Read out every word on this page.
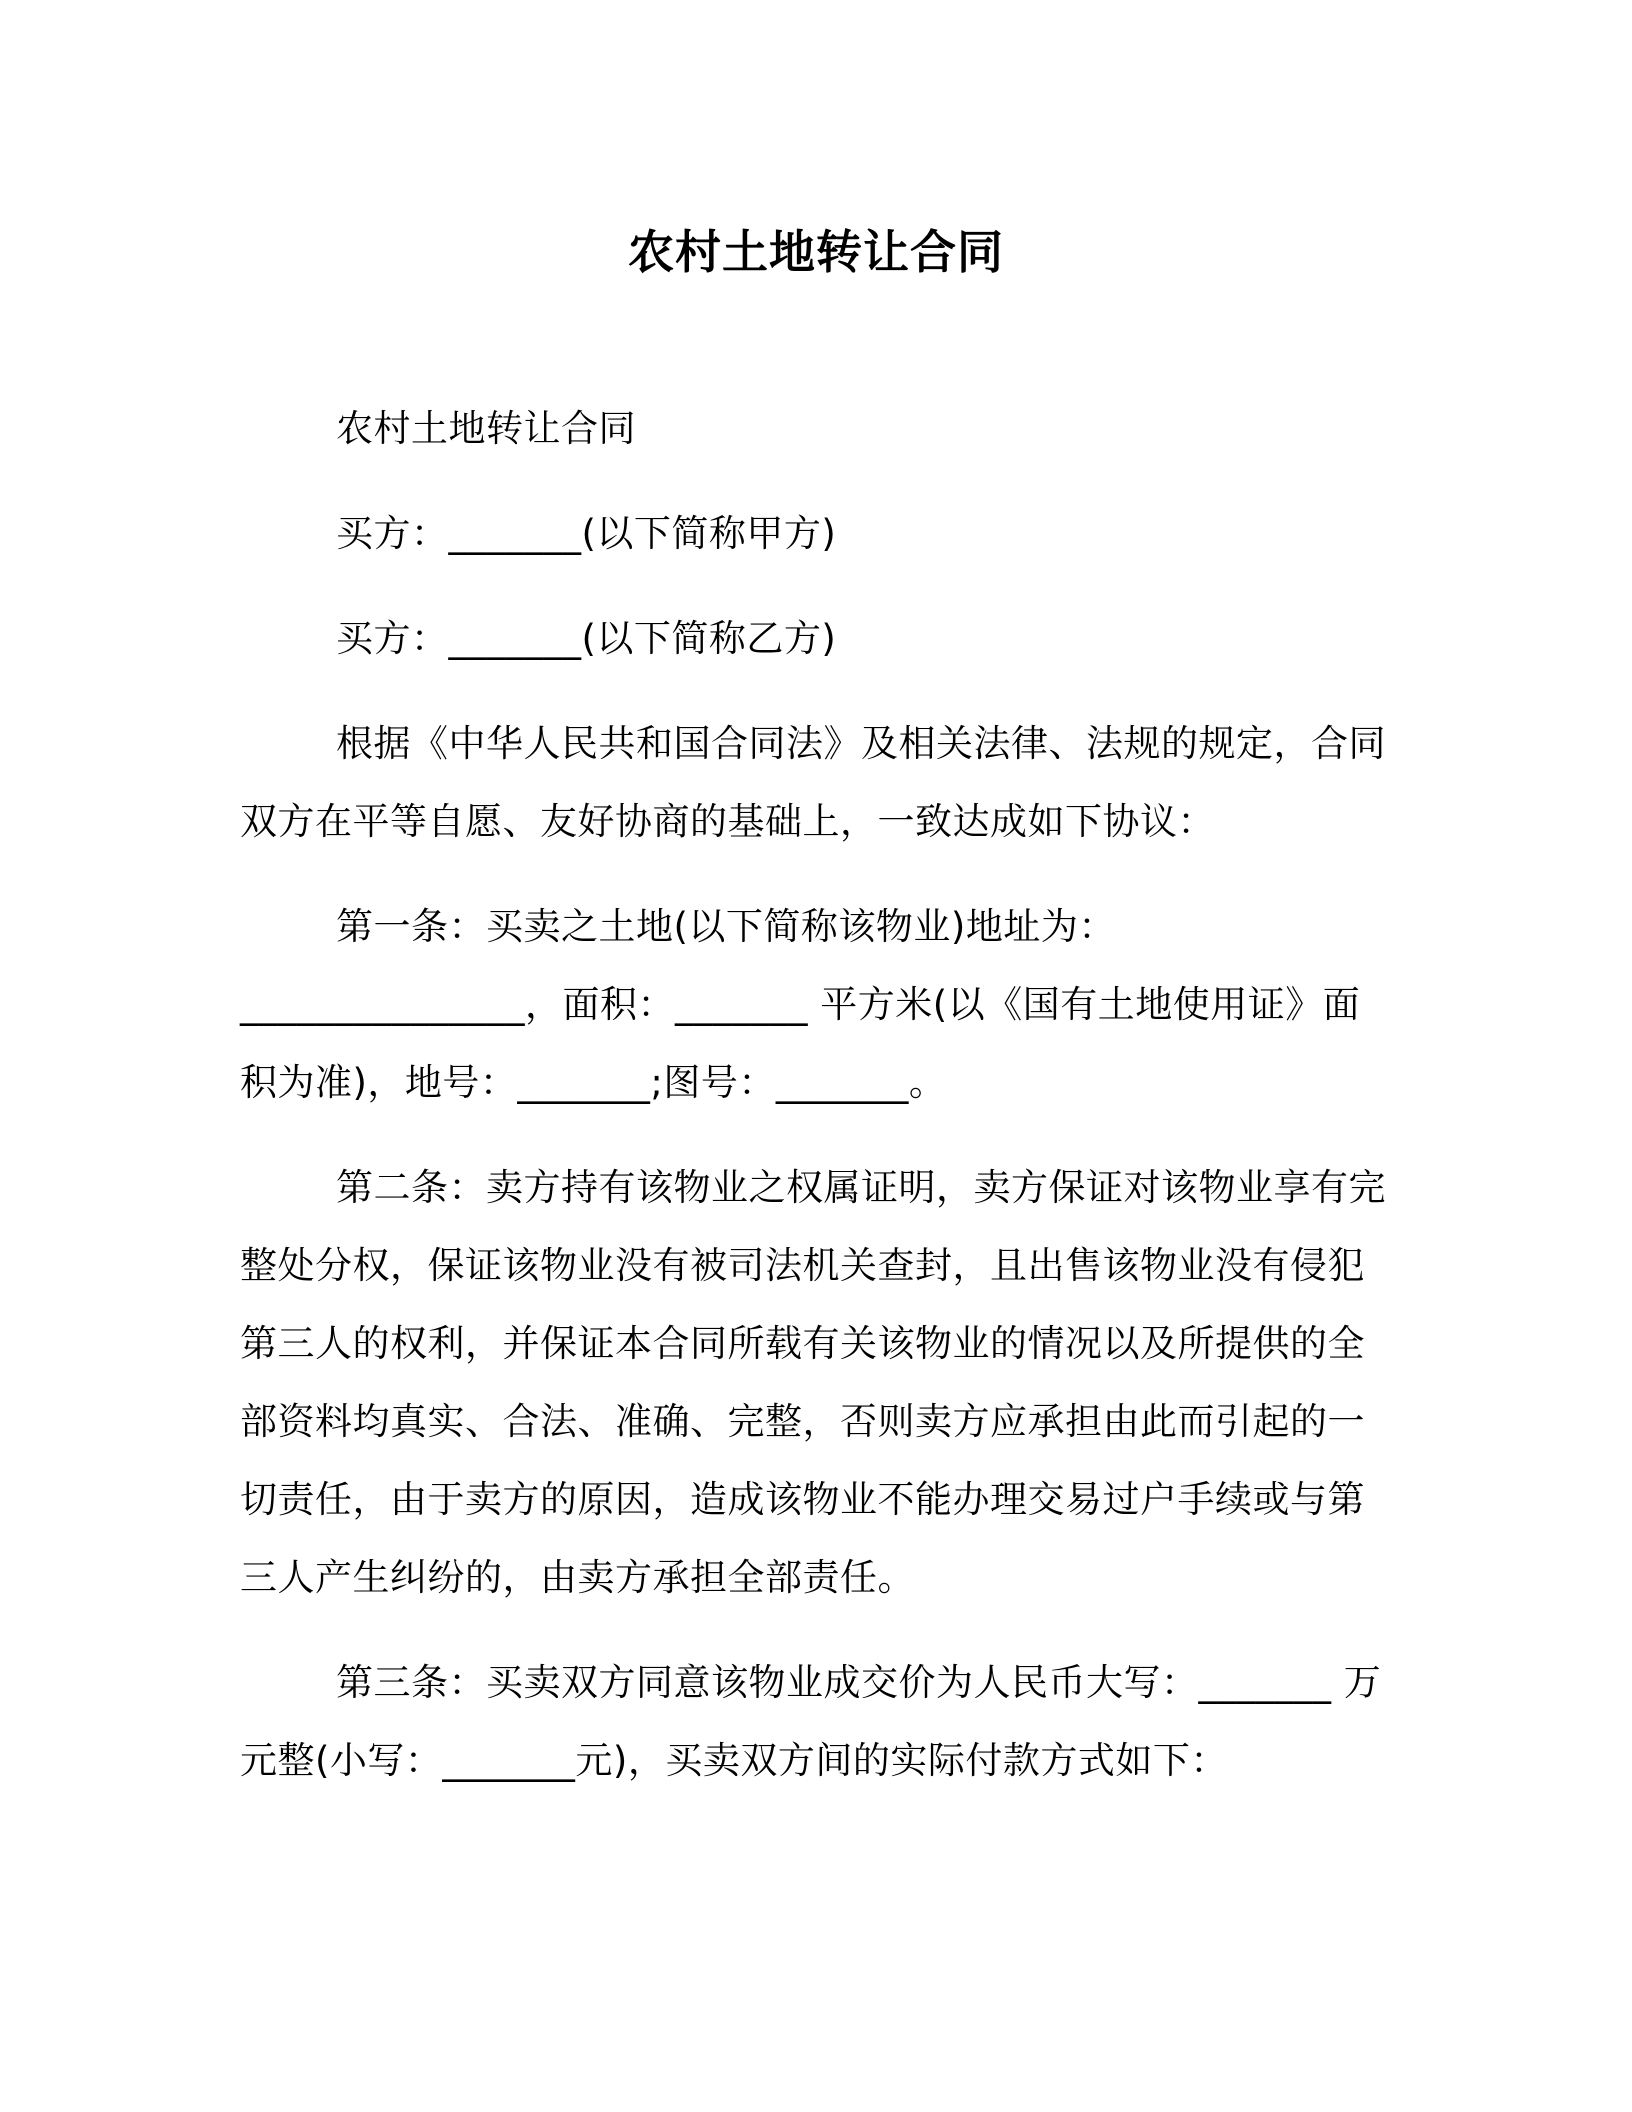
农村土地转让合同
农村土地转让合同
买方：_______(以下简称甲方)
买方：_______(以下简称乙方)
根据《中华人民共和国合同法》及相关法律、法规的规定，合同
双方在平等自愿、友好协商的基础上，一致达成如下协议：
第一条：买卖之土地(以下简称该物业)地址为：
_______________，面积：_______ 平方米(以《国有土地使用证》面
积为准)，地号：_______;图号：_______。
第二条：卖方持有该物业之权属证明，卖方保证对该物业享有完
整处分权，保证该物业没有被司法机关查封，且出售该物业没有侵犯
第三人的权利，并保证本合同所载有关该物业的情况以及所提供的全
部资料均真实、合法、准确、完整，否则卖方应承担由此而引起的一
切责任，由于卖方的原因，造成该物业不能办理交易过户手续或与第
三人产生纠纷的，由卖方承担全部责任。
第三条：买卖双方同意该物业成交价为人民币大写：_______ 万
元整(小写：_______元)，买卖双方间的实际付款方式如下：
